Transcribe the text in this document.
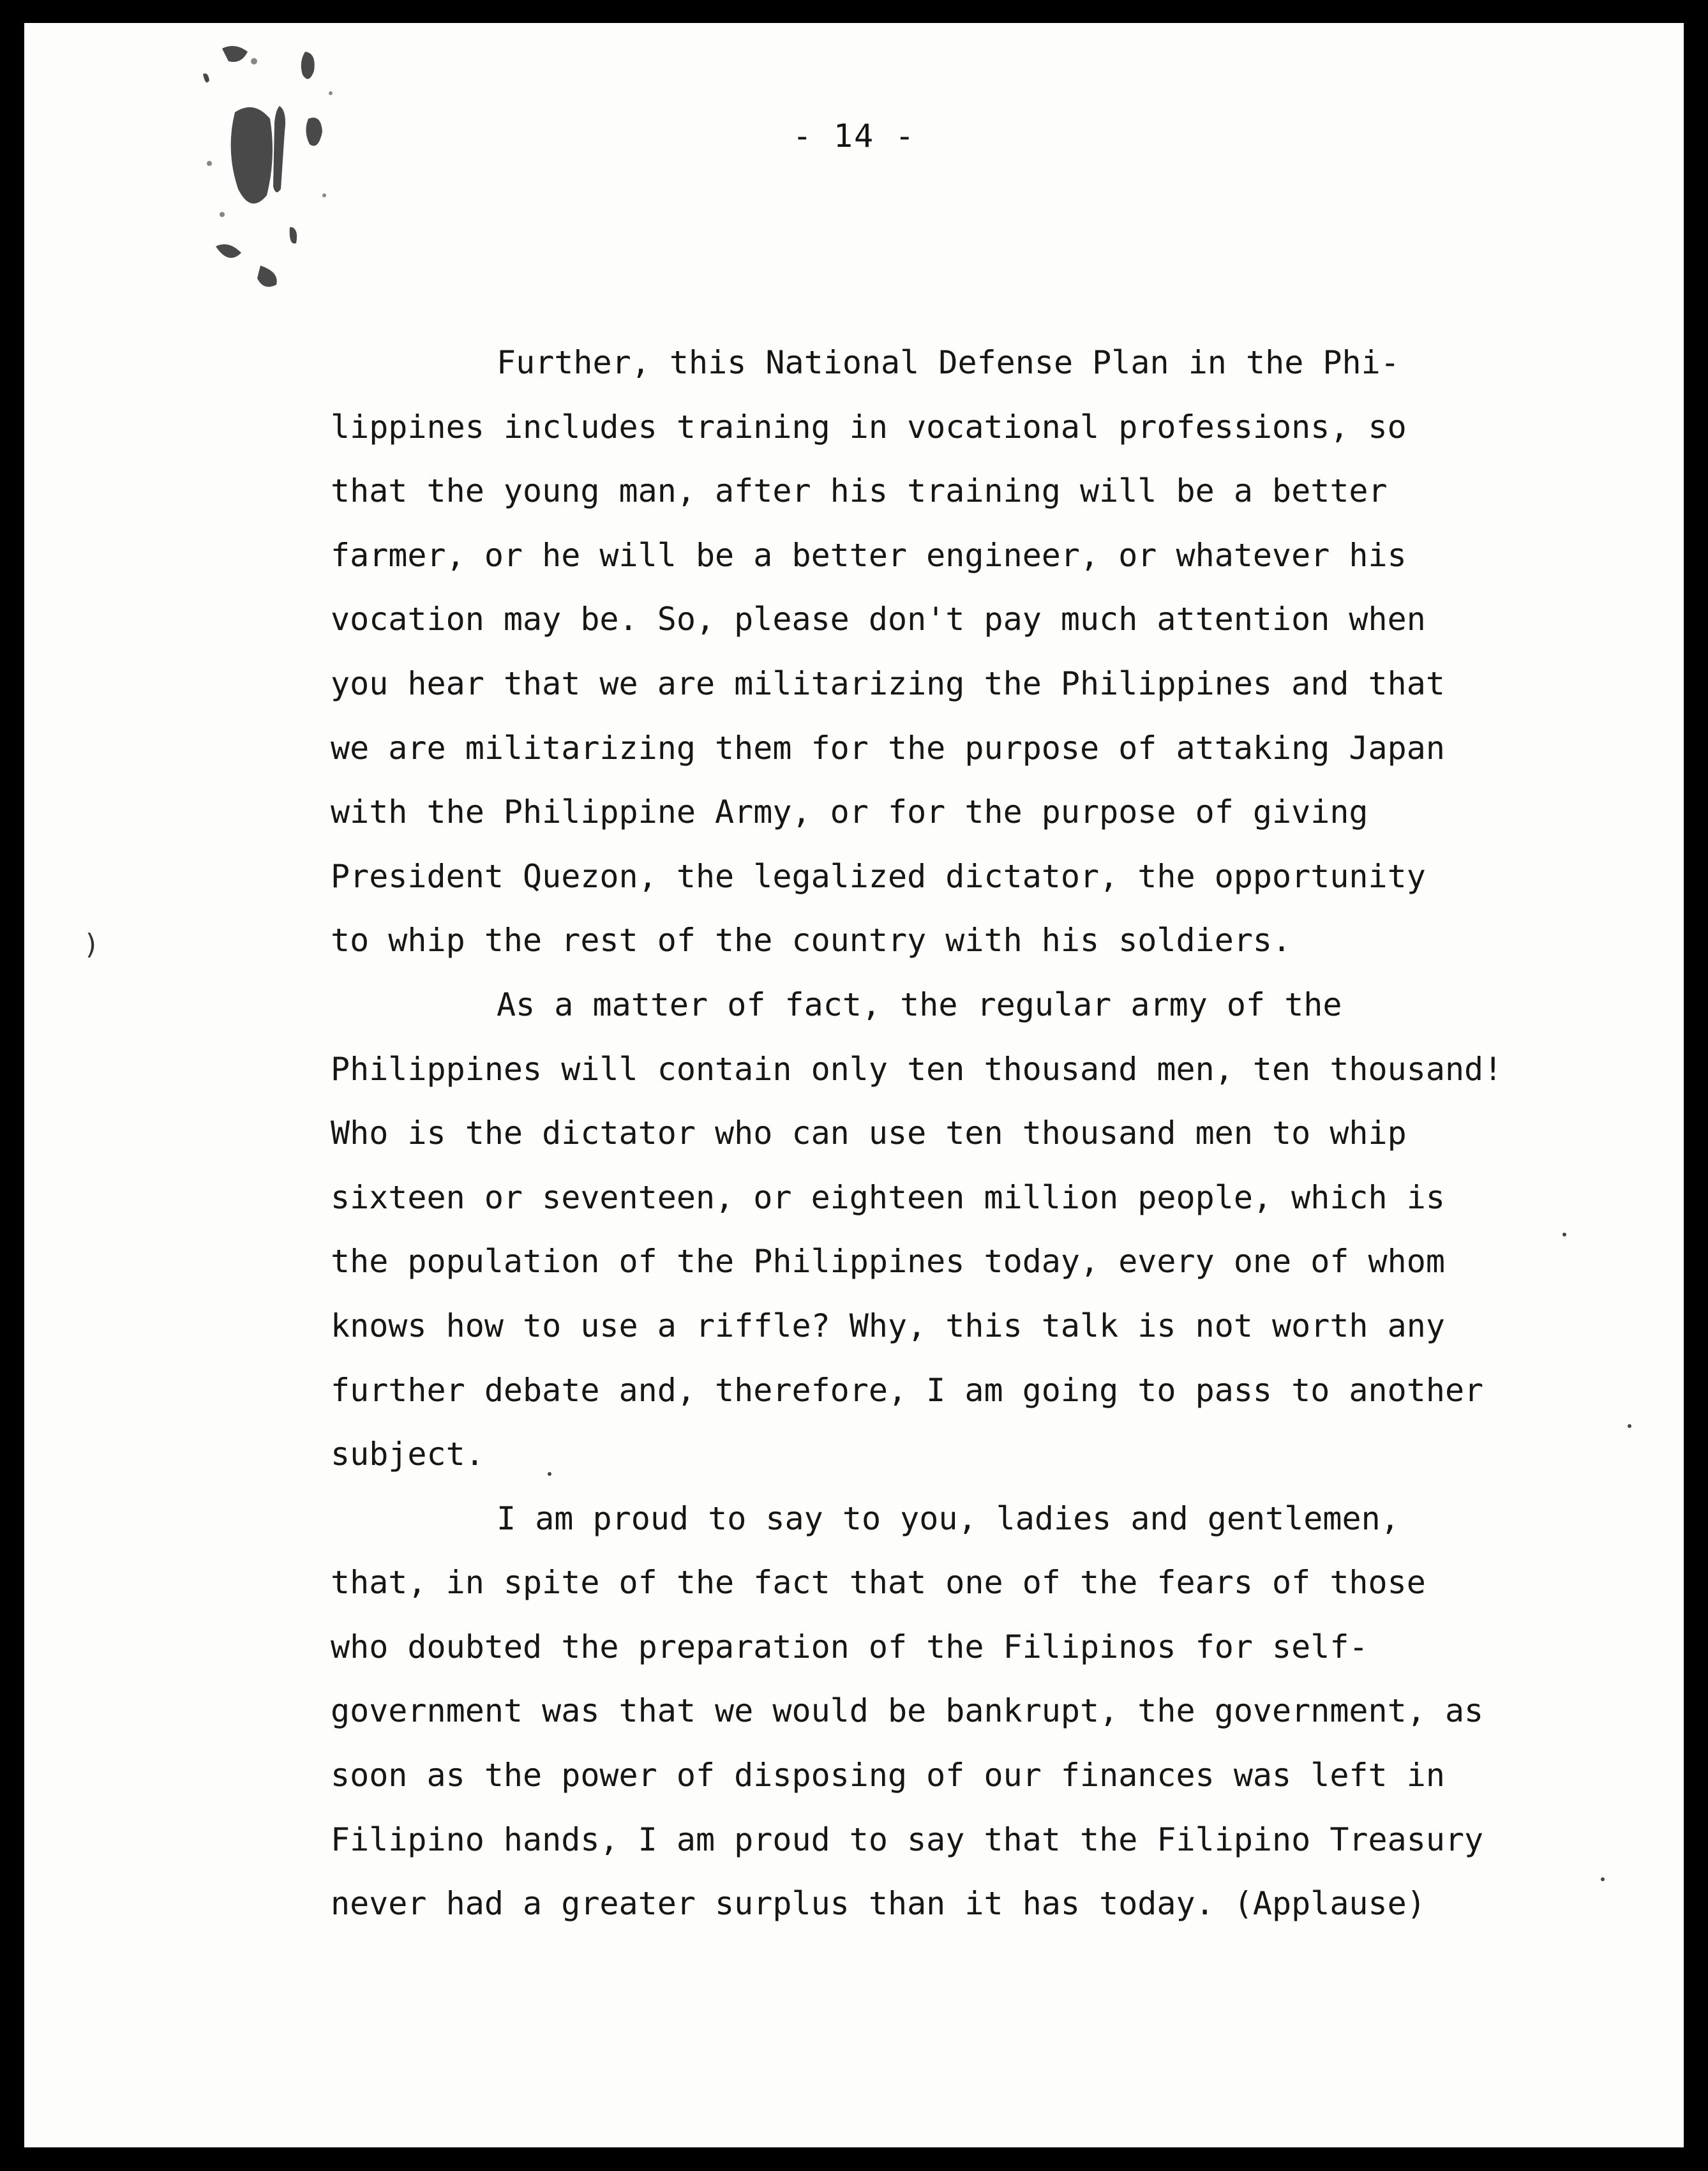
- 14 -
Further, this National Defense Plan in the Phi-
lippines includes training in vocational professions, so
that the young man, after his training will be a better
farmer, or he will be a better engineer, or whatever his
vocation may be. So, please don't pay much attention when
you hear that we are militarizing the Philippines and that
we are militarizing them for the purpose of attaking Japan
with the Philippine Army, or for the purpose of giving
President Quezon, the legalized dictator, the opportunity
to whip the rest of the country with his soldiers.
As a matter of fact, the regular army of the
Philippines will contain only ten thousand men, ten thousand!
Who is the dictator who can use ten thousand men to whip
sixteen or seventeen, or eighteen million people, which is
the population of the Philippines today, every one of whom
knows how to use a riffle? Why, this talk is not worth any
further debate and, therefore, I am going to pass to another
subject.
I am proud to say to you, ladies and gentlemen,
that, in spite of the fact that one of the fears of those
who doubted the preparation of the Filipinos for self-
government was that we would be bankrupt, the government, as
soon as the power of disposing of our finances was left in
Filipino hands, I am proud to say that the Filipino Treasury
never had a greater surplus than it has today. (Applause)
)
